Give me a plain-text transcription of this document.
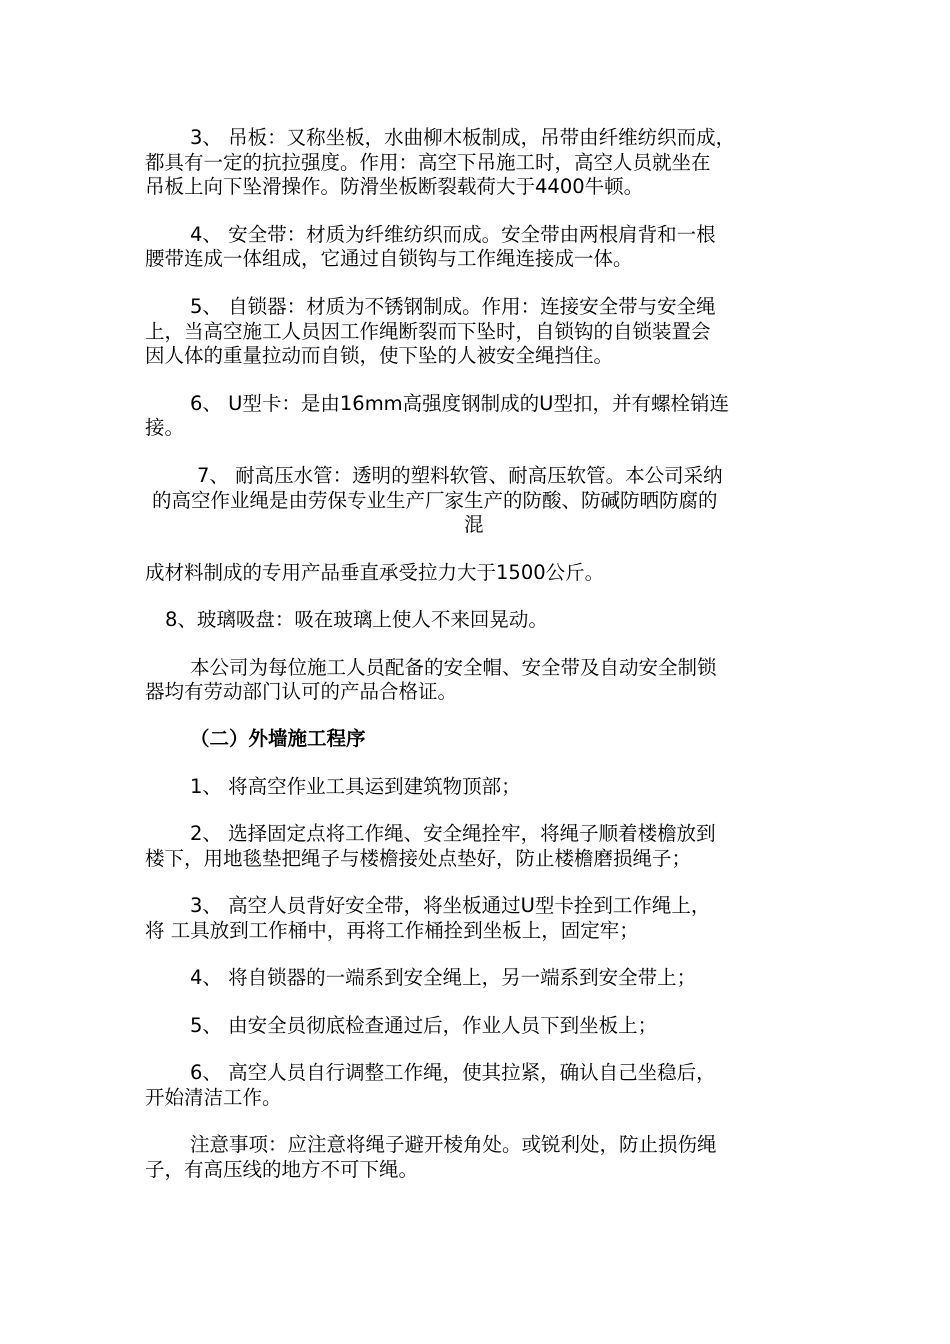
3、 吊板：又称坐板，水曲柳木板制成，吊带由纤维纺织而成，
都具有一定的抗拉强度。作用：高空下吊施工时，高空人员就坐在
吊板上向下坠滑操作。防滑坐板断裂载荷大于4400牛顿。
4、 安全带：材质为纤维纺织而成。安全带由两根肩背和一根
腰带连成一体组成，它通过自锁钩与工作绳连接成一体。
5、 自锁器：材质为不锈钢制成。作用：连接安全带与安全绳
上，当高空施工人员因工作绳断裂而下坠时，自锁钩的自锁装置会
因人体的重量拉动而自锁，使下坠的人被安全绳挡住。
6、 U型卡：是由16mm高强度钢制成的U型扣，并有螺栓销连
接。
7、 耐高压水管：透明的塑料软管、耐高压软管。本公司采纳
的高空作业绳是由劳保专业生产厂家生产的防酸、防碱防晒防腐的
混
成材料制成的专用产品垂直承受拉力大于1500公斤。
8、玻璃吸盘：吸在玻璃上使人不来回晃动。
本公司为每位施工人员配备的安全帽、安全带及自动安全制锁
器均有劳动部门认可的产品合格证。
（二）外墙施工程序
1、 将高空作业工具运到建筑物顶部；
2、 选择固定点将工作绳、安全绳拴牢，将绳子顺着楼檐放到
楼下，用地毯垫把绳子与楼檐接处点垫好，防止楼檐磨损绳子；
3、 高空人员背好安全带，将坐板通过U型卡拴到工作绳上，
将 工具放到工作桶中，再将工作桶拴到坐板上，固定牢；
4、 将自锁器的一端系到安全绳上，另一端系到安全带上；
5、 由安全员彻底检查通过后，作业人员下到坐板上；
6、 高空人员自行调整工作绳，使其拉紧，确认自己坐稳后，
开始清洁工作。
注意事项：应注意将绳子避开棱角处。或锐利处，防止损伤绳
子，有高压线的地方不可下绳。
